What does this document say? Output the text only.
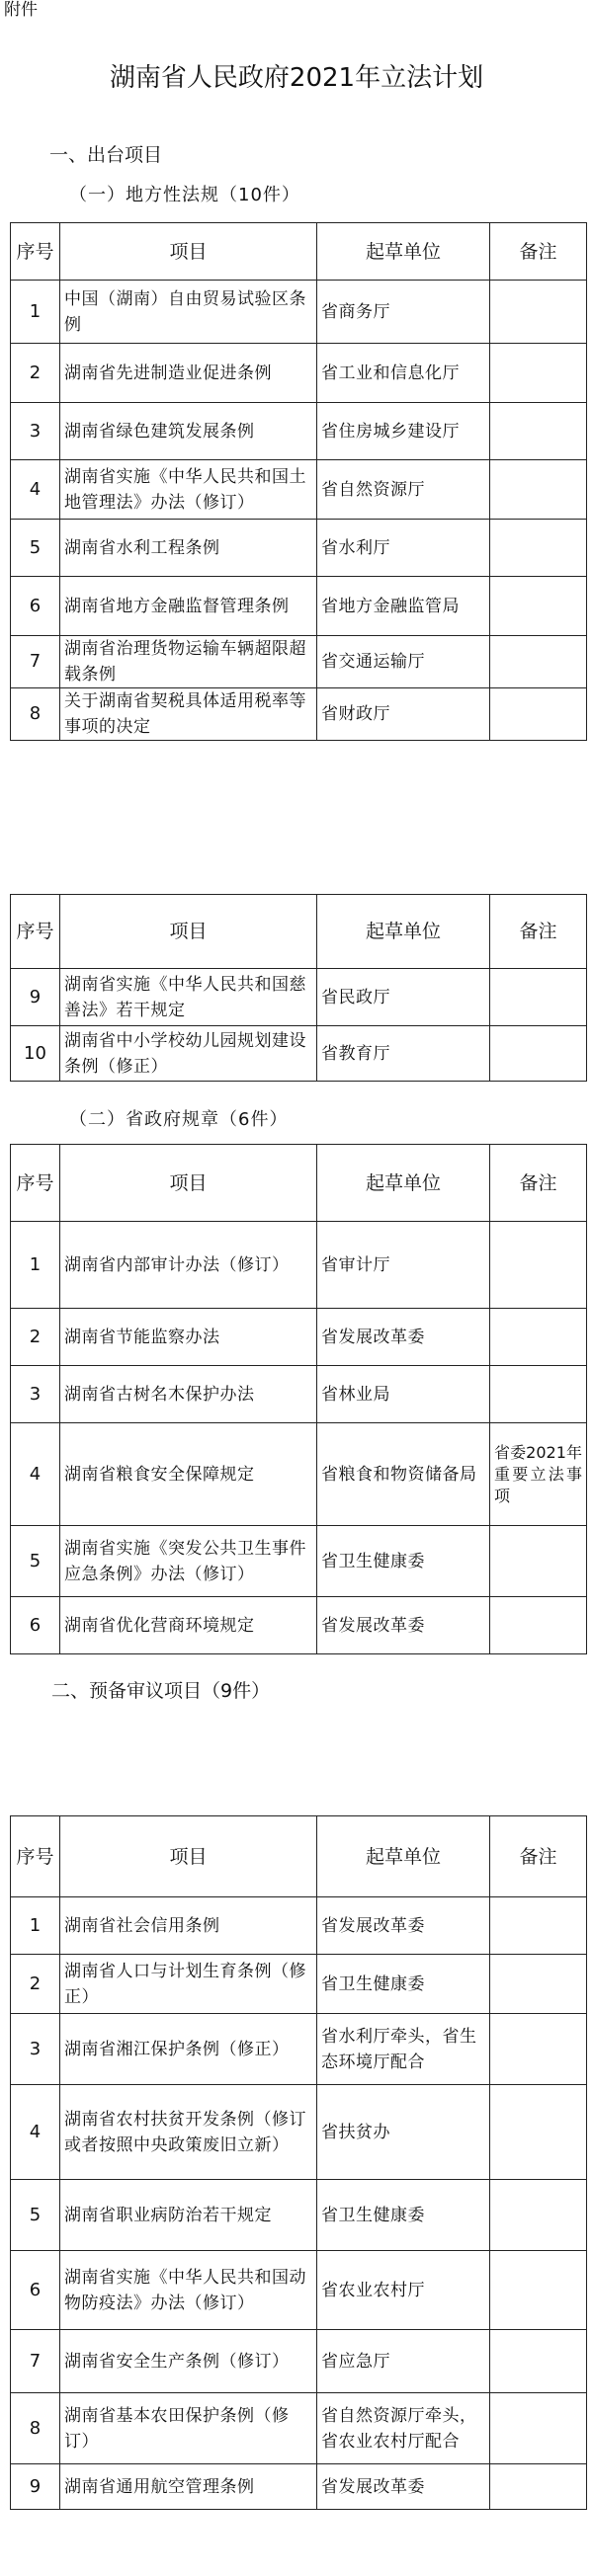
附件
湖南省人民政府2021年立法计划
一、出台项目
（一）地方性法规（10件）
序号	项目	起草单位	备注
1	中国（湖南）自由贸易试验区条例	省商务厅	
2	湖南省先进制造业促进条例	省工业和信息化厅	
3	湖南省绿色建筑发展条例	省住房城乡建设厅	
4	湖南省实施《中华人民共和国土地管理法》办法（修订）	省自然资源厅	
5	湖南省水利工程条例	省水利厅	
6	湖南省地方金融监督管理条例	省地方金融监管局	
7	湖南省治理货物运输车辆超限超载条例	省交通运输厅	
8	关于湖南省契税具体适用税率等事项的决定	省财政厅	
序号	项目	起草单位	备注
9	湖南省实施《中华人民共和国慈善法》若干规定	省民政厅	
10	湖南省中小学校幼儿园规划建设条例（修正）	省教育厅	
（二）省政府规章（6件）
序号	项目	起草单位	备注
1	湖南省内部审计办法（修订）	省审计厅	
2	湖南省节能监察办法	省发展改革委	
3	湖南省古树名木保护办法	省林业局	
4	湖南省粮食安全保障规定	省粮食和物资储备局	省委2021年重要立法事项
5	湖南省实施《突发公共卫生事件应急条例》办法（修订）	省卫生健康委	
6	湖南省优化营商环境规定	省发展改革委	
二、预备审议项目（9件）
序号	项目	起草单位	备注
1	湖南省社会信用条例	省发展改革委	
2	湖南省人口与计划生育条例（修正）	省卫生健康委	
3	湖南省湘江保护条例（修正）	省水利厅牵头，省生态环境厅配合	
4	湖南省农村扶贫开发条例（修订或者按照中央政策废旧立新）	省扶贫办	
5	湖南省职业病防治若干规定	省卫生健康委	
6	湖南省实施《中华人民共和国动物防疫法》办法（修订）	省农业农村厅	
7	湖南省安全生产条例（修订）	省应急厅	
8	湖南省基本农田保护条例（修订）	省自然资源厅牵头，省农业农村厅配合	
9	湖南省通用航空管理条例	省发展改革委	
